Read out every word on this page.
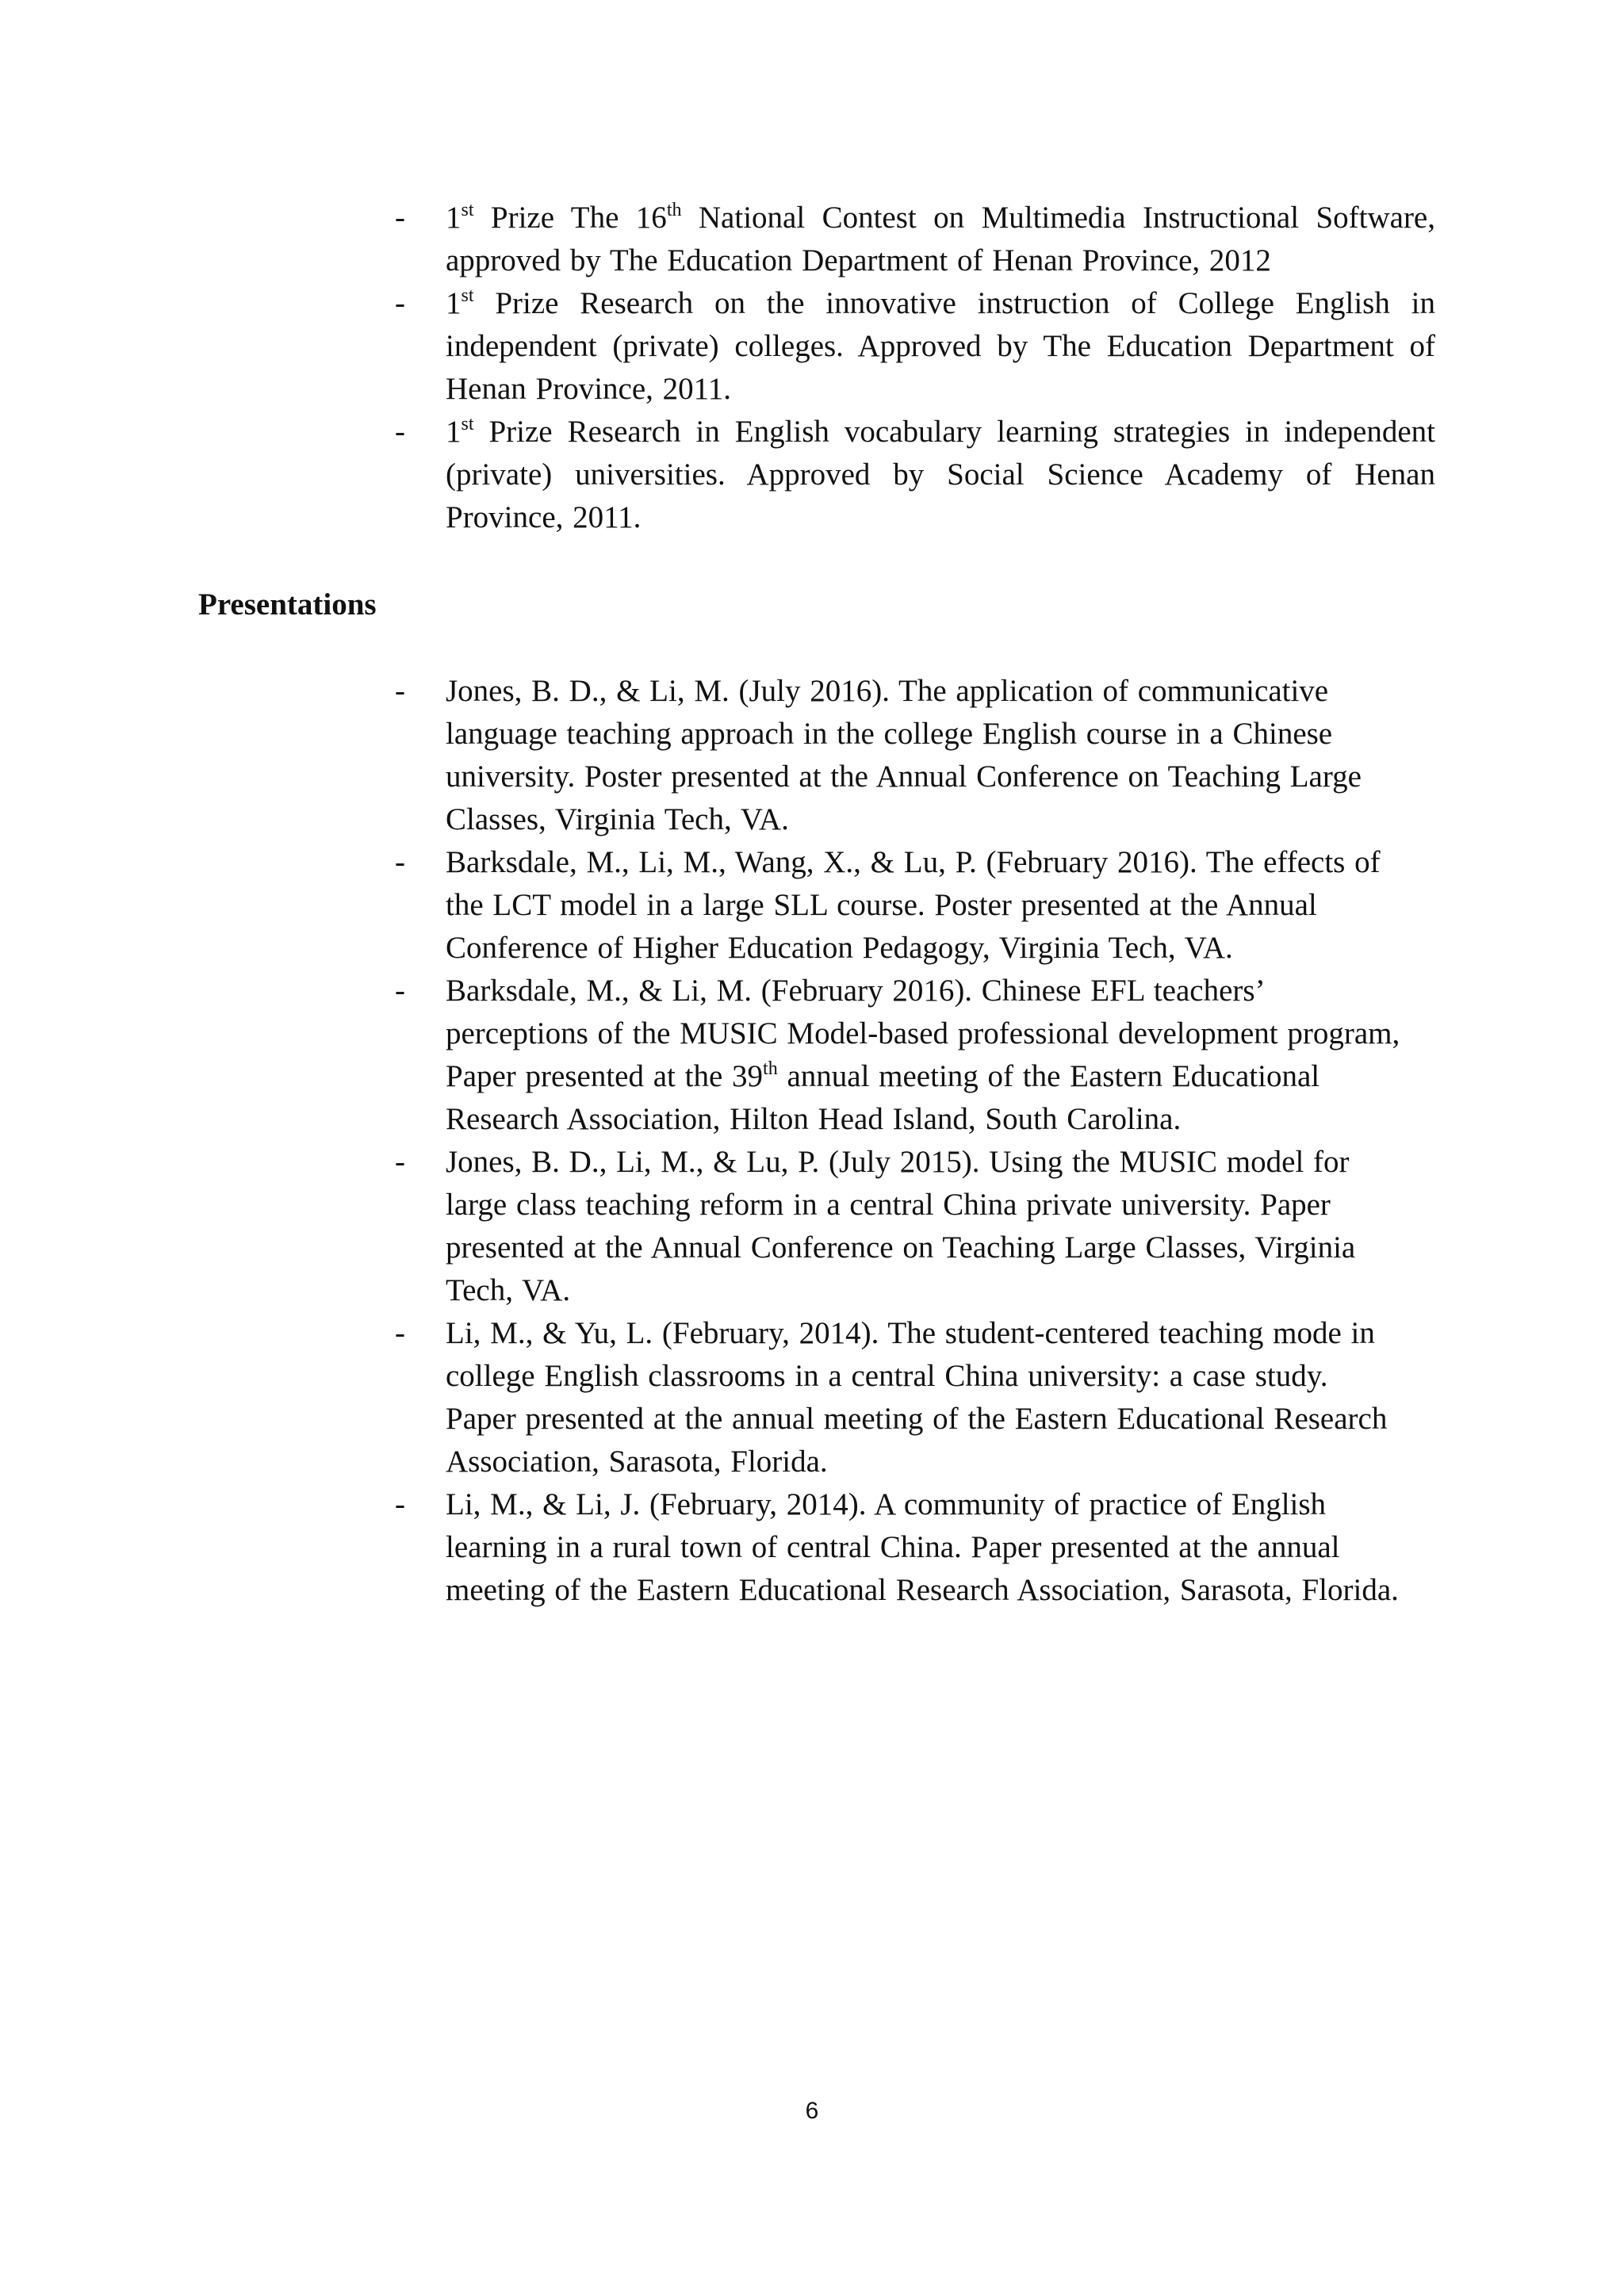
- 1st Prize The 16th National Contest on Multimedia Instructional Software, approved by The Education Department of Henan Province, 2012
- 1st Prize Research on the innovative instruction of College English in independent (private) colleges. Approved by The Education Department of Henan Province, 2011.
- 1st Prize Research in English vocabulary learning strategies in independent (private) universities. Approved by Social Science Academy of Henan Province, 2011.
Presentations
- Jones, B. D., & Li, M. (July 2016). The application of communicative language teaching approach in the college English course in a Chinese university. Poster presented at the Annual Conference on Teaching Large Classes, Virginia Tech, VA.
- Barksdale, M., Li, M., Wang, X., & Lu, P. (February 2016). The effects of the LCT model in a large SLL course. Poster presented at the Annual Conference of Higher Education Pedagogy, Virginia Tech, VA.
- Barksdale, M., & Li, M. (February 2016). Chinese EFL teachers’ perceptions of the MUSIC Model-based professional development program, Paper presented at the 39th annual meeting of the Eastern Educational Research Association, Hilton Head Island, South Carolina.
- Jones, B. D., Li, M., & Lu, P. (July 2015). Using the MUSIC model for large class teaching reform in a central China private university. Paper presented at the Annual Conference on Teaching Large Classes, Virginia Tech, VA.
- Li, M., & Yu, L. (February, 2014). The student-centered teaching mode in college English classrooms in a central China university: a case study. Paper presented at the annual meeting of the Eastern Educational Research Association, Sarasota, Florida.
- Li, M., & Li, J. (February, 2014). A community of practice of English learning in a rural town of central China. Paper presented at the annual meeting of the Eastern Educational Research Association, Sarasota, Florida.
6
